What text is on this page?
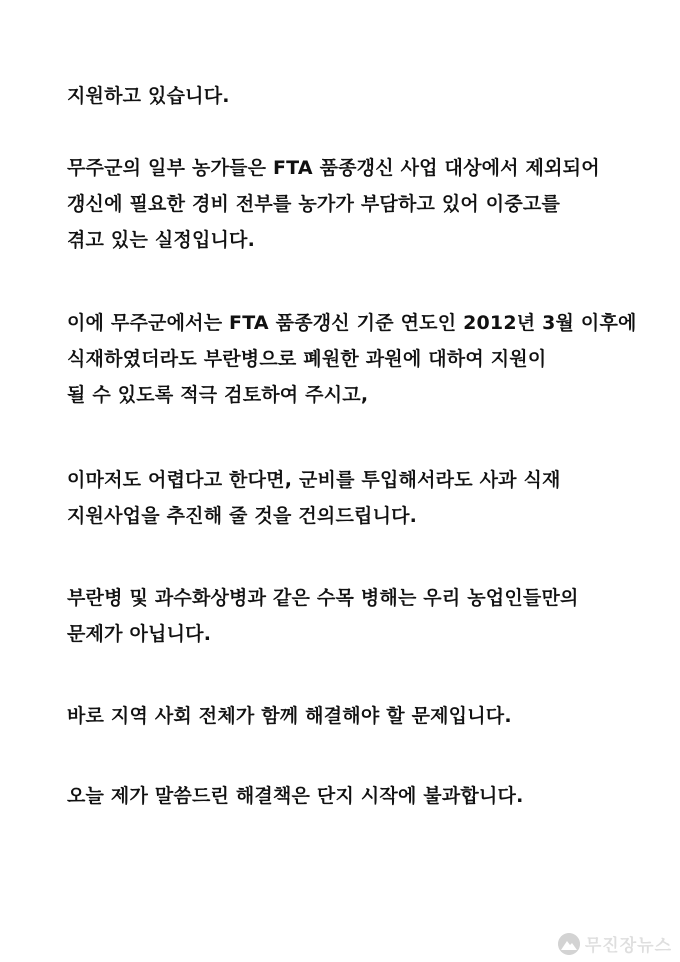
지원하고 있습니다.

무주군의 일부 농가들은 FTA 품종갱신 사업 대상에서 제외되어
갱신에 필요한 경비 전부를 농가가 부담하고 있어 이중고를
겪고 있는 실정입니다.

이에 무주군에서는 FTA 품종갱신 기준 연도인 2012년 3월 이후에
식재하였더라도 부란병으로 폐원한 과원에 대하여 지원이
될 수 있도록 적극 검토하여 주시고,

이마저도 어렵다고 한다면, 군비를 투입해서라도 사과 식재
지원사업을 추진해 줄 것을 건의드립니다.

부란병 및 과수화상병과 같은 수목 병해는 우리 농업인들만의
문제가 아닙니다.

바로 지역 사회 전체가 함께 해결해야 할 문제입니다.

오늘 제가 말씀드린 해결책은 단지 시작에 불과합니다.

무진장뉴스
